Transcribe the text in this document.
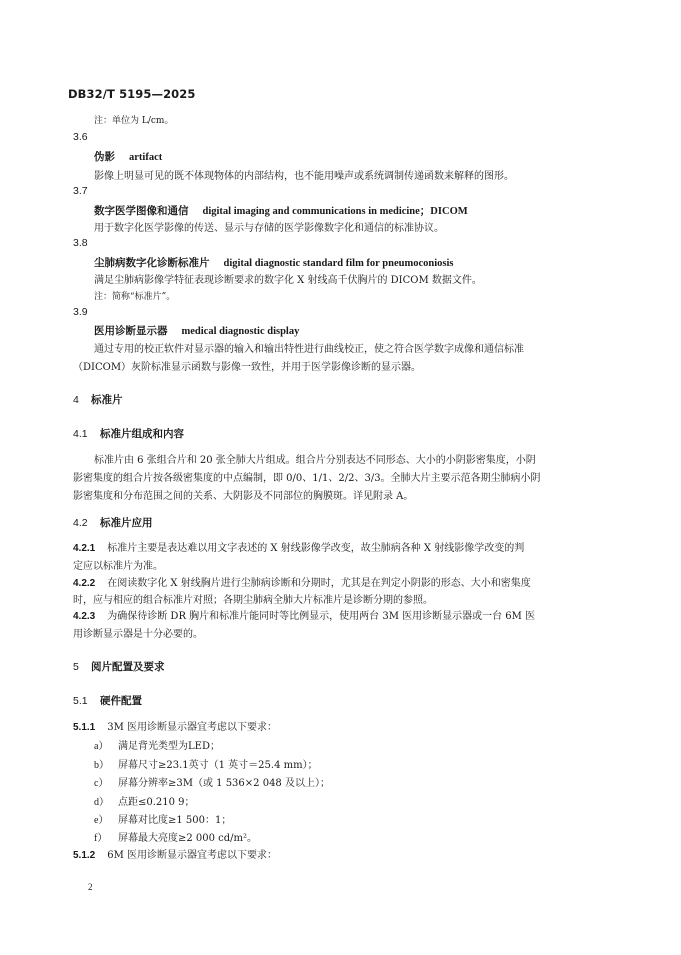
DB32/T 5195—2025
注：单位为 L/cm。
3.6
伪影 artifact
影像上明显可见的既不体现物体的内部结构，也不能用噪声或系统调制传递函数来解释的图形。
3.7
数字医学图像和通信 digital imaging and communications in medicine；DICOM
用于数字化医学影像的传送、显示与存储的医学影像数字化和通信的标准协议。
3.8
尘肺病数字化诊断标准片 digital diagnostic standard film for pneumoconiosis
满足尘肺病影像学特征表现诊断要求的数字化 X 射线高千伏胸片的 DICOM 数据文件。
注：简称“标准片”。
3.9
医用诊断显示器 medical diagnostic display
通过专用的校正软件对显示器的输入和输出特性进行曲线校正，使之符合医学数字成像和通信标准
（DICOM）灰阶标准显示函数与影像一致性，并用于医学影像诊断的显示器。
4 标准片
4.1 标准片组成和内容
标准片由 6 张组合片和 20 张全肺大片组成。组合片分别表达不同形态、大小的小阴影密集度，小阴
影密集度的组合片按各级密集度的中点编制，即 0/0、1/1、2/2、3/3。全肺大片主要示范各期尘肺病小阴
影密集度和分布范围之间的关系、大阴影及不同部位的胸膜斑。详见附录 A。
4.2 标准片应用
4.2.1 标准片主要是表达难以用文字表述的 X 射线影像学改变，故尘肺病各种 X 射线影像学改变的判
定应以标准片为准。
4.2.2 在阅读数字化 X 射线胸片进行尘肺病诊断和分期时，尤其是在判定小阴影的形态、大小和密集度
时，应与相应的组合标准片对照；各期尘肺病全肺大片标准片是诊断分期的参照。
4.2.3 为确保待诊断 DR 胸片和标准片能同时等比例显示，使用两台 3M 医用诊断显示器或一台 6M 医
用诊断显示器是十分必要的。
5 阅片配置及要求
5.1 硬件配置
5.1.1 3M 医用诊断显示器宜考虑以下要求：
a） 满足背光类型为LED；
b） 屏幕尺寸≥23.1英寸（1 英寸＝25.4 mm）；
c） 屏幕分辨率≥3M（或 1 536×2 048 及以上）；
d） 点距≤0.210 9；
e） 屏幕对比度≥1 500：1；
f） 屏幕最大亮度≥2 000 cd/m²。
5.1.2 6M 医用诊断显示器宜考虑以下要求：
2
